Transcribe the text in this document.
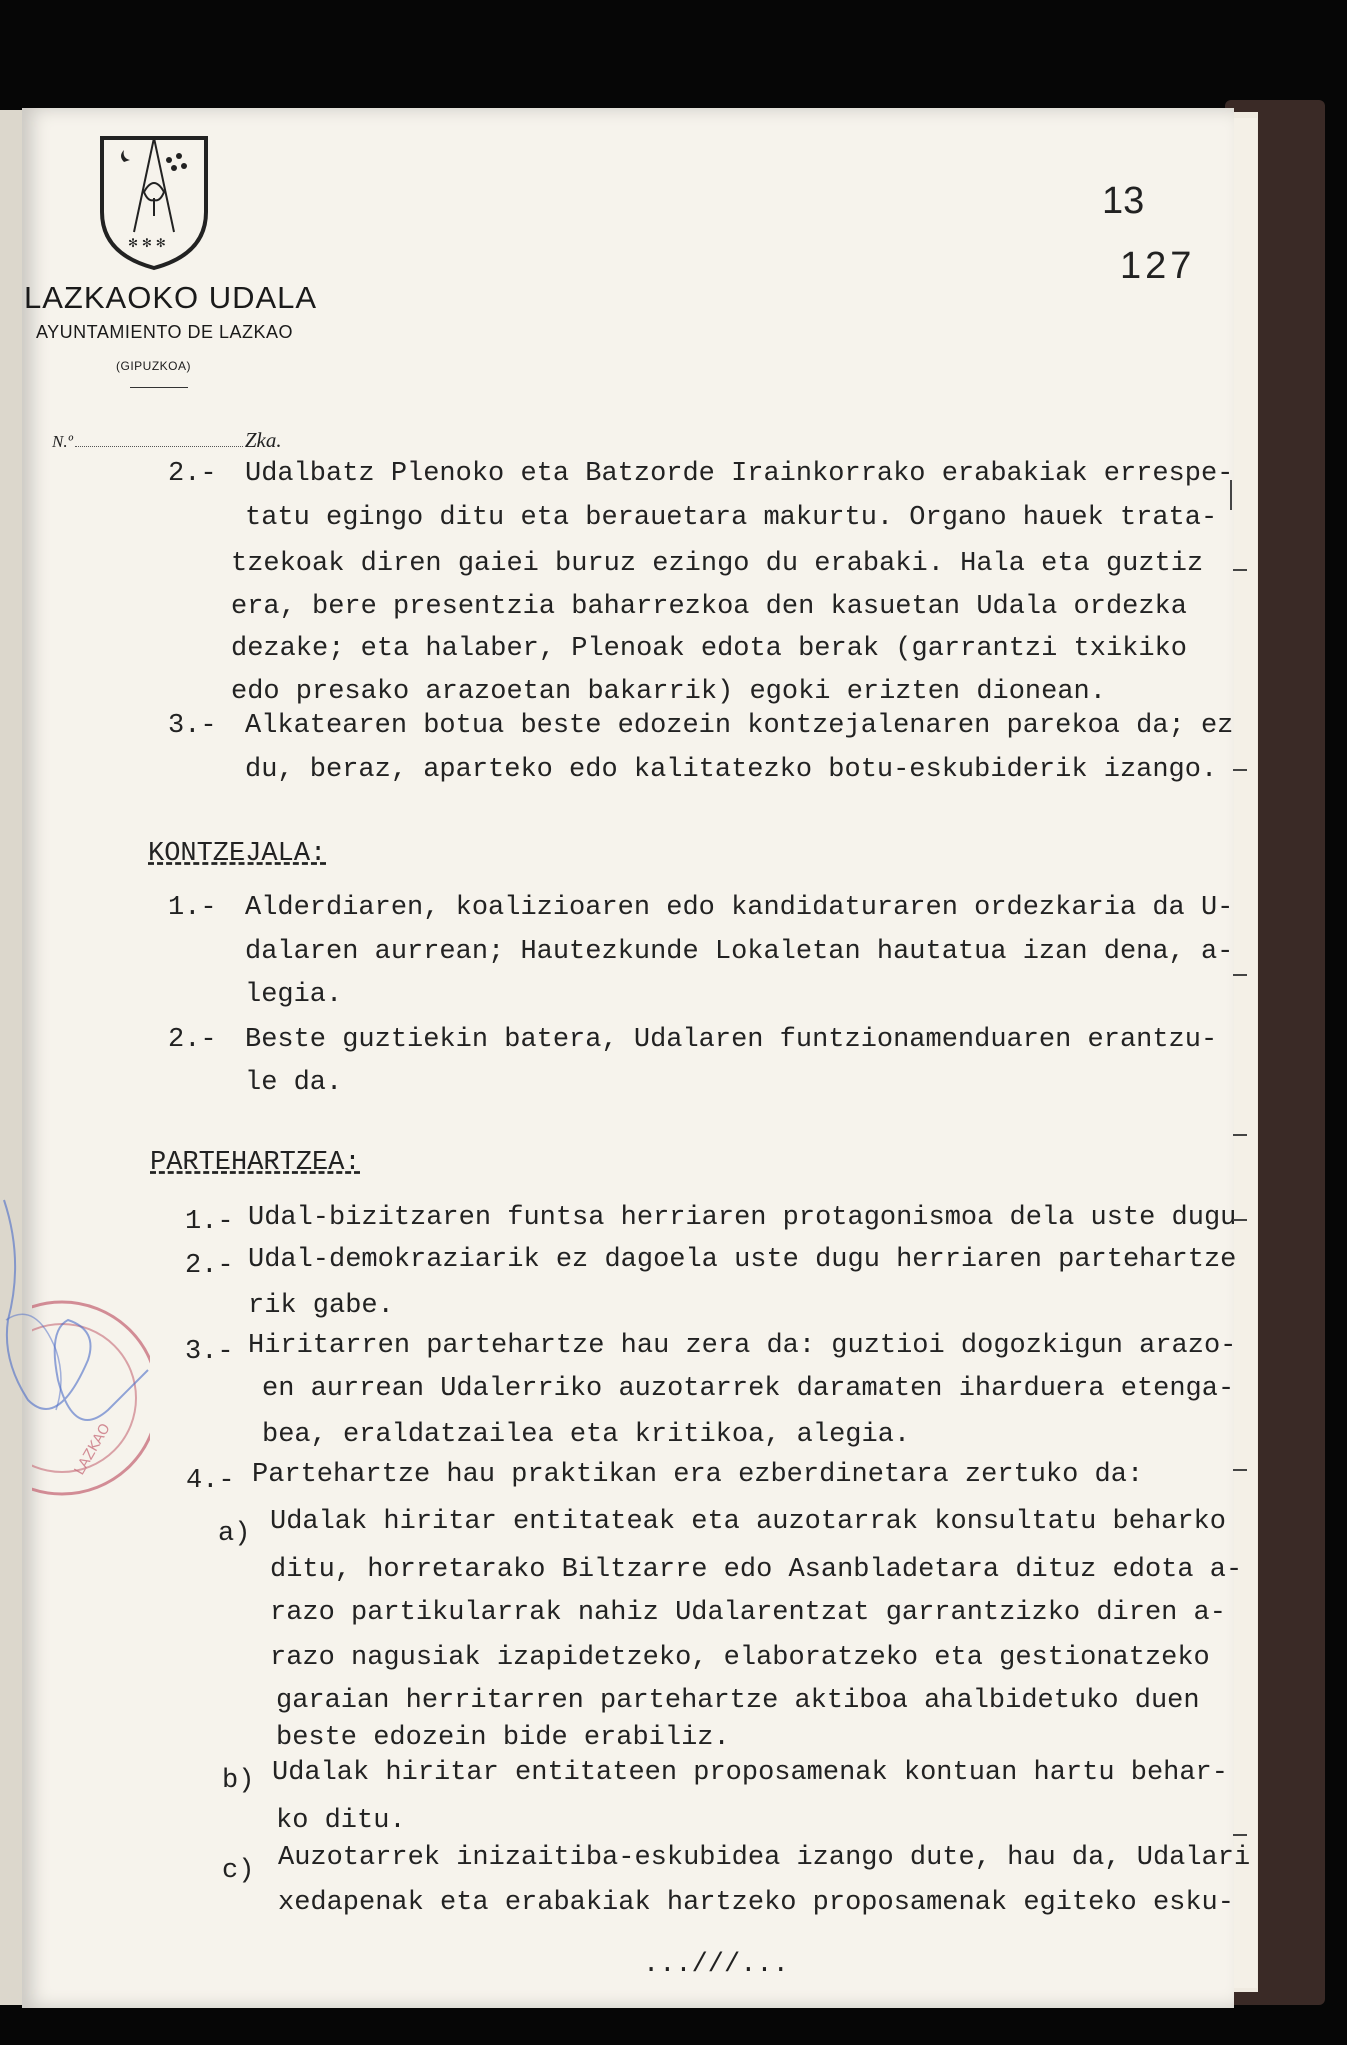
✻ ✻ ✻
LAZKAOKO UDALA
AYUNTAMIENTO DE LAZKAO
(GIPUZKOA)
13
127
N.º	Zka.
2.- Udalbatz Plenoko eta Batzorde Irainkorrako erabakiak errespe-
tatu egingo ditu eta berauetara makurtu. Organo hauek trata-
tzekoak diren gaiei buruz ezingo du erabaki. Hala eta guztiz
era, bere presentzia baharrezkoa den kasuetan Udala ordezka
dezake; eta halaber, Plenoak edota berak (garrantzi txikiko
edo presako arazoetan bakarrik) egoki erizten dionean.
3.- Alkatearen botua beste edozein kontzejalenaren parekoa da; ez
du, beraz, aparteko edo kalitatezko botu-eskubiderik izango.
KONTZEJALA:
1.- Alderdiaren, koalizioaren edo kandidaturaren ordezkaria da U-
dalaren aurrean; Hautezkunde Lokaletan hautatua izan dena, a-
legia.
2.- Beste guztiekin batera, Udalaren funtzionamenduaren erantzu-
le da.
PARTEHARTZEA:
1.- Udal-bizitzaren funtsa herriaren protagonismoa dela uste dugu
2.- Udal-demokraziarik ez dagoela uste dugu herriaren partehartze
rik gabe.
3.- Hiritarren partehartze hau zera da: guztioi dogozkigun arazo-
en aurrean Udalerriko auzotarrek daramaten iharduera etenga-
bea, eraldatzailea eta kritikoa, alegia.
4.- Partehartze hau praktikan era ezberdinetara zertuko da:
a) Udalak hiritar entitateak eta auzotarrak konsultatu beharko
ditu, horretarako Biltzarre edo Asanbladetara dituz edota a-
razo partikularrak nahiz Udalarentzat garrantzizko diren a-
razo nagusiak izapidetzeko, elaboratzeko eta gestionatzeko
garaian herritarren partehartze aktiboa ahalbidetuko duen
beste edozein bide erabiliz.
b) Udalak hiritar entitateen proposamenak kontuan hartu behar-
ko ditu.
c) Auzotarrek inizaitiba-eskubidea izango dute, hau da, Udalari
xedapenak eta erabakiak hartzeko proposamenak egiteko esku-
...///...
LAZKAO
